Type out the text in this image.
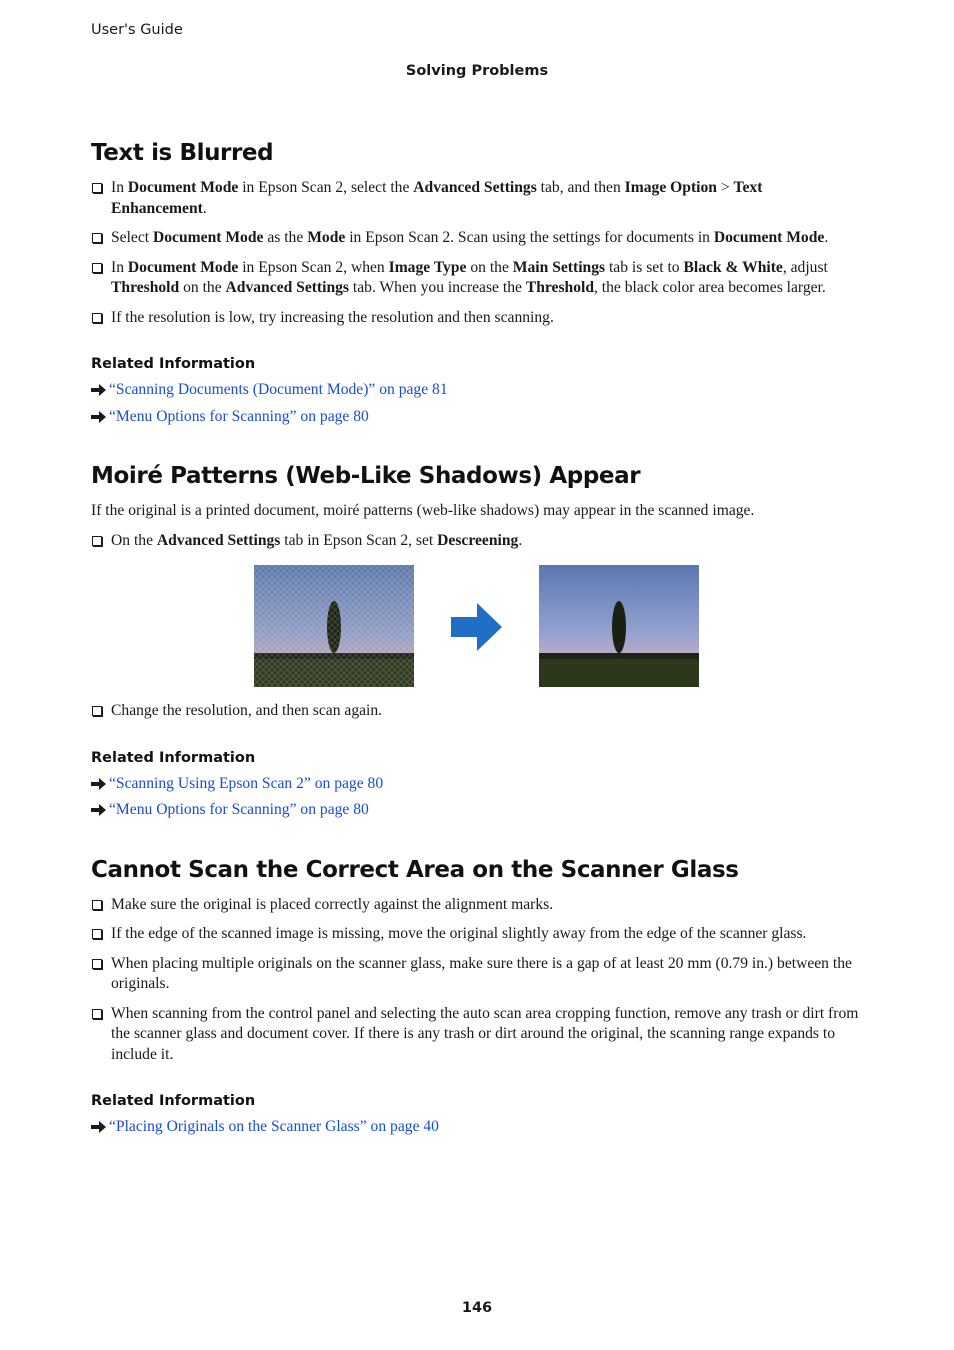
User's Guide
Solving Problems
Text is Blurred
In Document Mode in Epson Scan 2, select the Advanced Settings tab, and then Image Option > Text Enhancement.
Select Document Mode as the Mode in Epson Scan 2. Scan using the settings for documents in Document Mode.
In Document Mode in Epson Scan 2, when Image Type on the Main Settings tab is set to Black & White, adjust Threshold on the Advanced Settings tab. When you increase the Threshold, the black color area becomes larger.
If the resolution is low, try increasing the resolution and then scanning.
Related Information
“Scanning Documents (Document Mode)” on page 81
“Menu Options for Scanning” on page 80
Moiré Patterns (Web-Like Shadows) Appear
If the original is a printed document, moiré patterns (web-like shadows) may appear in the scanned image.
On the Advanced Settings tab in Epson Scan 2, set Descreening.
Change the resolution, and then scan again.
Related Information
“Scanning Using Epson Scan 2” on page 80
“Menu Options for Scanning” on page 80
Cannot Scan the Correct Area on the Scanner Glass
Make sure the original is placed correctly against the alignment marks.
If the edge of the scanned image is missing, move the original slightly away from the edge of the scanner glass.
When placing multiple originals on the scanner glass, make sure there is a gap of at least 20 mm (0.79 in.) between the originals.
When scanning from the control panel and selecting the auto scan area cropping function, remove any trash or dirt from the scanner glass and document cover. If there is any trash or dirt around the original, the scanning range expands to include it.
Related Information
“Placing Originals on the Scanner Glass” on page 40
146
